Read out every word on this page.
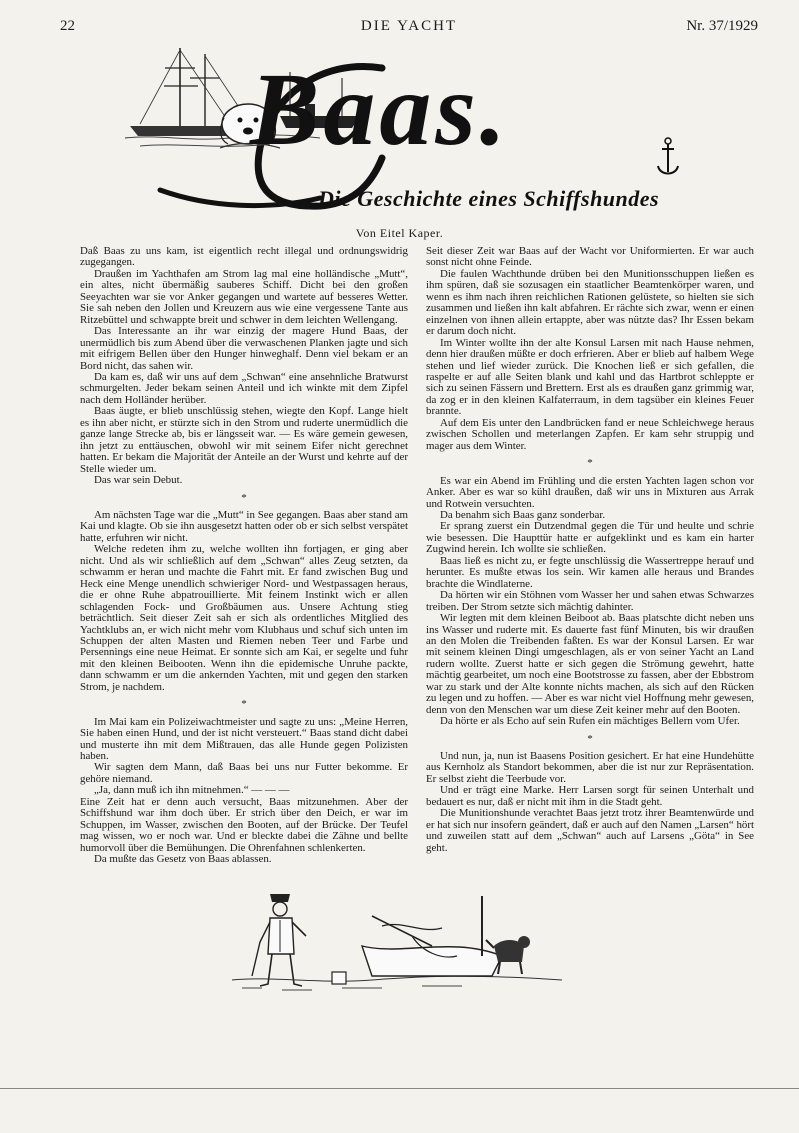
22	DIE YACHT	Nr. 37/1929
Baas.
Die Geschichte eines Schiffshundes
Von Eitel Kaper.

Daß Baas zu uns kam, ist eigentlich recht illegal und ordnungswidrig zugegangen.

Draußen im Yachthafen am Strom lag mal eine holländische „Mutt“, ein altes, nicht übermäßig sauberes Schiff. Dicht bei den großen Seeyachten war sie vor Anker gegangen und wartete auf besseres Wetter. Sie sah neben den Jollen und Kreuzern aus wie eine vergessene Tante aus Ritzebüttel und schwappte breit und schwer in dem leichten Wellengang.

Das Interessante an ihr war einzig der magere Hund Baas, der unermüdlich bis zum Abend über die verwaschenen Planken jagte und sich mit eifrigem Bellen über den Hunger hinweghalf. Denn viel bekam er an Bord nicht, das sahen wir.

Da kam es, daß wir uns auf dem „Schwan“ eine ansehnliche Bratwurst schmurgelten. Jeder bekam seinen Anteil und ich winkte mit dem Zipfel nach dem Holländer herüber.

Baas äugte, er blieb unschlüssig stehen, wiegte den Kopf. Lange hielt es ihn aber nicht, er stürzte sich in den Strom und ruderte unermüdlich die ganze lange Strecke ab, bis er längsseit war. — Es wäre gemein gewesen, ihn jetzt zu enttäuschen, obwohl wir mit seinem Eifer nicht gerechnet hatten. Er bekam die Majorität der Anteile an der Wurst und kehrte auf der Stelle wieder um.

Das war sein Debut.

*

Am nächsten Tage war die „Mutt“ in See gegangen. Baas aber stand am Kai und klagte. Ob sie ihn ausgesetzt hatten oder ob er sich selbst verspätet hatte, erfuhren wir nicht.

Welche redeten ihm zu, welche wollten ihn fortjagen, er ging aber nicht. Und als wir schließlich auf dem „Schwan“ alles Zeug setzten, da schwamm er heran und machte die Fahrt mit. Er fand zwischen Bug und Heck eine Menge unendlich schwieriger Nord- und Westpassagen heraus, die er ohne Ruhe abpatrouillierte. Mit feinem Instinkt wich er allen schlagenden Fock- und Großbäumen aus. Unsere Achtung stieg beträchtlich. Seit dieser Zeit sah er sich als ordentliches Mitglied des Yachtklubs an, er wich nicht mehr vom Klubhaus und schuf sich unten im Schuppen der alten Masten und Riemen neben Teer und Farbe und Persennings eine neue Heimat. Er sonnte sich am Kai, er segelte und fuhr mit den kleinen Beibooten. Wenn ihn die epidemische Unruhe packte, dann schwamm er um die ankernden Yachten, mit und gegen den starken Strom, je nachdem.

*

Im Mai kam ein Polizeiwachtmeister und sagte zu uns: „Meine Herren, Sie haben einen Hund, und der ist nicht versteuert.“ Baas stand dicht dabei und musterte ihn mit dem Mißtrauen, das alle Hunde gegen Polizisten haben.

Wir sagten dem Mann, daß Baas bei uns nur Futter bekomme. Er gehöre niemand.

„Ja, dann muß ich ihn mitnehmen.“ — — —

Eine Zeit hat er denn auch versucht, Baas mitzunehmen. Aber der Schiffshund war ihm doch über. Er strich über den Deich, er war im Schuppen, im Wasser, zwischen den Booten, auf der Brücke. Der Teufel mag wissen, wo er noch war. Und er bleckte dabei die Zähne und bellte humorvoll über die Bemühungen. Die Ohrenfahnen schlenkerten.

Da mußte das Gesetz von Baas ablassen.

Seit dieser Zeit war Baas auf der Wacht vor Uniformierten. Er war auch sonst nicht ohne Feinde.

Die faulen Wachthunde drüben bei den Munitionsschuppen ließen es ihm spüren, daß sie sozusagen ein staatlicher Beamtenkörper waren, und wenn es ihm nach ihren reichlichen Rationen gelüstete, so hielten sie sich zusammen und ließen ihn kalt abfahren. Er rächte sich zwar, wenn er einen einzelnen von ihnen allein ertappte, aber was nützte das? Ihr Essen bekam er darum doch nicht.

Im Winter wollte ihn der alte Konsul Larsen mit nach Hause nehmen, denn hier draußen müßte er doch erfrieren. Aber er blieb auf halbem Wege stehen und lief wieder zurück. Die Knochen ließ er sich gefallen, die raspelte er auf alle Seiten blank und kahl und das Hartbrot schleppte er sich zu seinen Fässern und Brettern. Erst als es draußen ganz grimmig war, da zog er in den kleinen Kalfaterraum, in dem tagsüber ein kleines Feuer brannte.

Auf dem Eis unter den Landbrücken fand er neue Schleichwege heraus zwischen Schollen und meterlangen Zapfen. Er kam sehr struppig und mager aus dem Winter.

*

Es war ein Abend im Frühling und die ersten Yachten lagen schon vor Anker. Aber es war so kühl draußen, daß wir uns in Mixturen aus Arrak und Rotwein versuchten.

Da benahm sich Baas ganz sonderbar.

Er sprang zuerst ein Dutzendmal gegen die Tür und heulte und schrie wie besessen. Die Haupttür hatte er aufgeklinkt und es kam ein harter Zugwind herein. Ich wollte sie schließen.

Baas ließ es nicht zu, er fegte unschlüssig die Wassertreppe herauf und herunter. Es mußte etwas los sein. Wir kamen alle heraus und Brandes brachte die Windlaterne.

Da hörten wir ein Stöhnen vom Wasser her und sahen etwas Schwarzes treiben. Der Strom setzte sich mächtig dahinter.

Wir legten mit dem kleinen Beiboot ab. Baas platschte dicht neben uns ins Wasser und ruderte mit. Es dauerte fast fünf Minuten, bis wir draußen an den Molen die Treibenden faßten. Es war der Konsul Larsen. Er war mit seinem kleinen Dingi umgeschlagen, als er von seiner Yacht an Land rudern wollte. Zuerst hatte er sich gegen die Strömung gewehrt, hatte mächtig gearbeitet, um noch eine Bootstrosse zu fassen, aber der Ebbstrom war zu stark und der Alte konnte nichts machen, als sich auf den Rücken zu legen und zu hoffen. — Aber es war nicht viel Hoffnung mehr gewesen, denn von den Menschen war um diese Zeit keiner mehr auf den Booten.

Da hörte er als Echo auf sein Rufen ein mächtiges Bellern vom Ufer.

*

Und nun, ja, nun ist Baasens Position gesichert. Er hat eine Hundehütte aus Kernholz als Standort bekommen, aber die ist nur zur Repräsentation. Er selbst zieht die Teerbude vor.

Und er trägt eine Marke. Herr Larsen sorgt für seinen Unterhalt und bedauert es nur, daß er nicht mit ihm in die Stadt geht.

Die Munitionshunde verachtet Baas jetzt trotz ihrer Beamtenwürde und er hat sich nur insofern geändert, daß er auch auf den Namen „Larsen“ hört und zuweilen statt auf dem „Schwan“ auch auf Larsens „Göta“ in See geht.
